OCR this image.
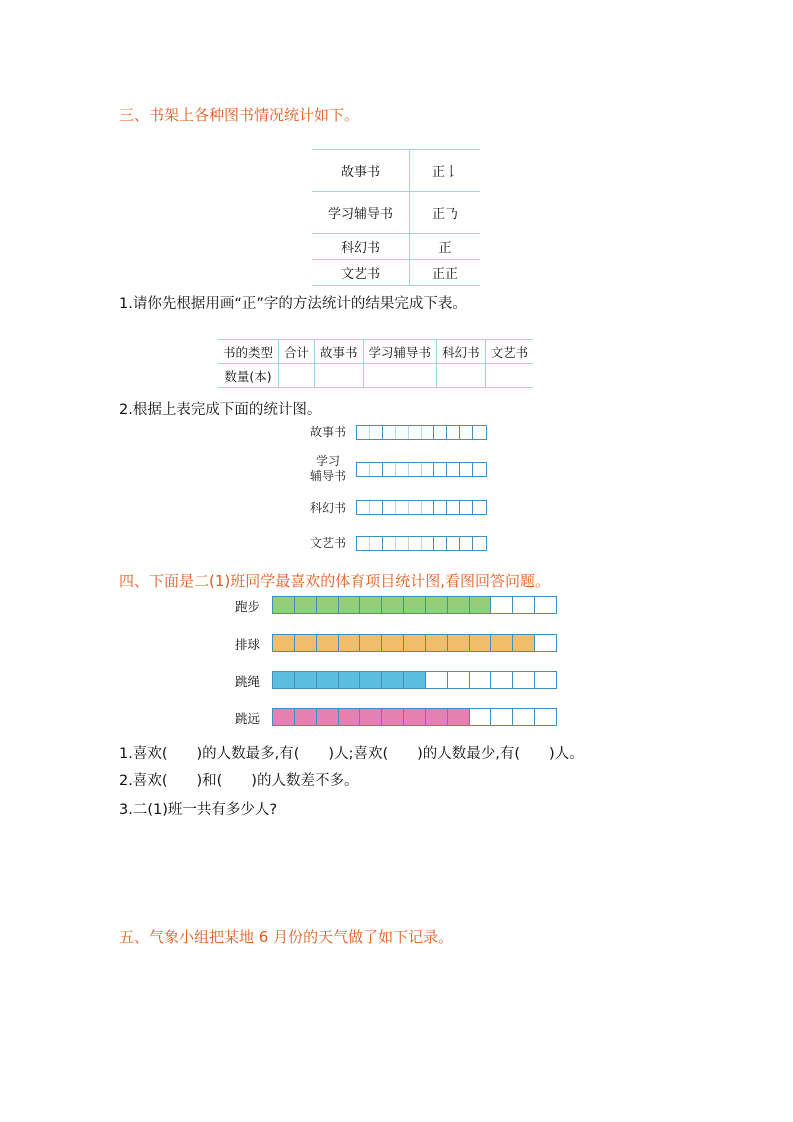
三、书架上各种图书情况统计如下。
故事书	正𠄌
学习辅导书	正𠄎
科幻书	正
文艺书	正正
1.请你先根据用画“正”字的方法统计的结果完成下表。
书的类型	合计	故事书	学习辅导书	科幻书	文艺书
数量(本)					
2.根据上表完成下面的统计图。
故事书
学习
辅导书
科幻书
文艺书
四、下面是二(1)班同学最喜欢的体育项目统计图,看图回答问题。
跑步
排球
跳绳
跳远
1.喜欢(　　)的人数最多,有(　　)人;喜欢(　　)的人数最少,有(　　)人。
2.喜欢(　　)和(　　)的人数差不多。
3.二(1)班一共有多少人?
五、气象小组把某地 6 月份的天气做了如下记录。
